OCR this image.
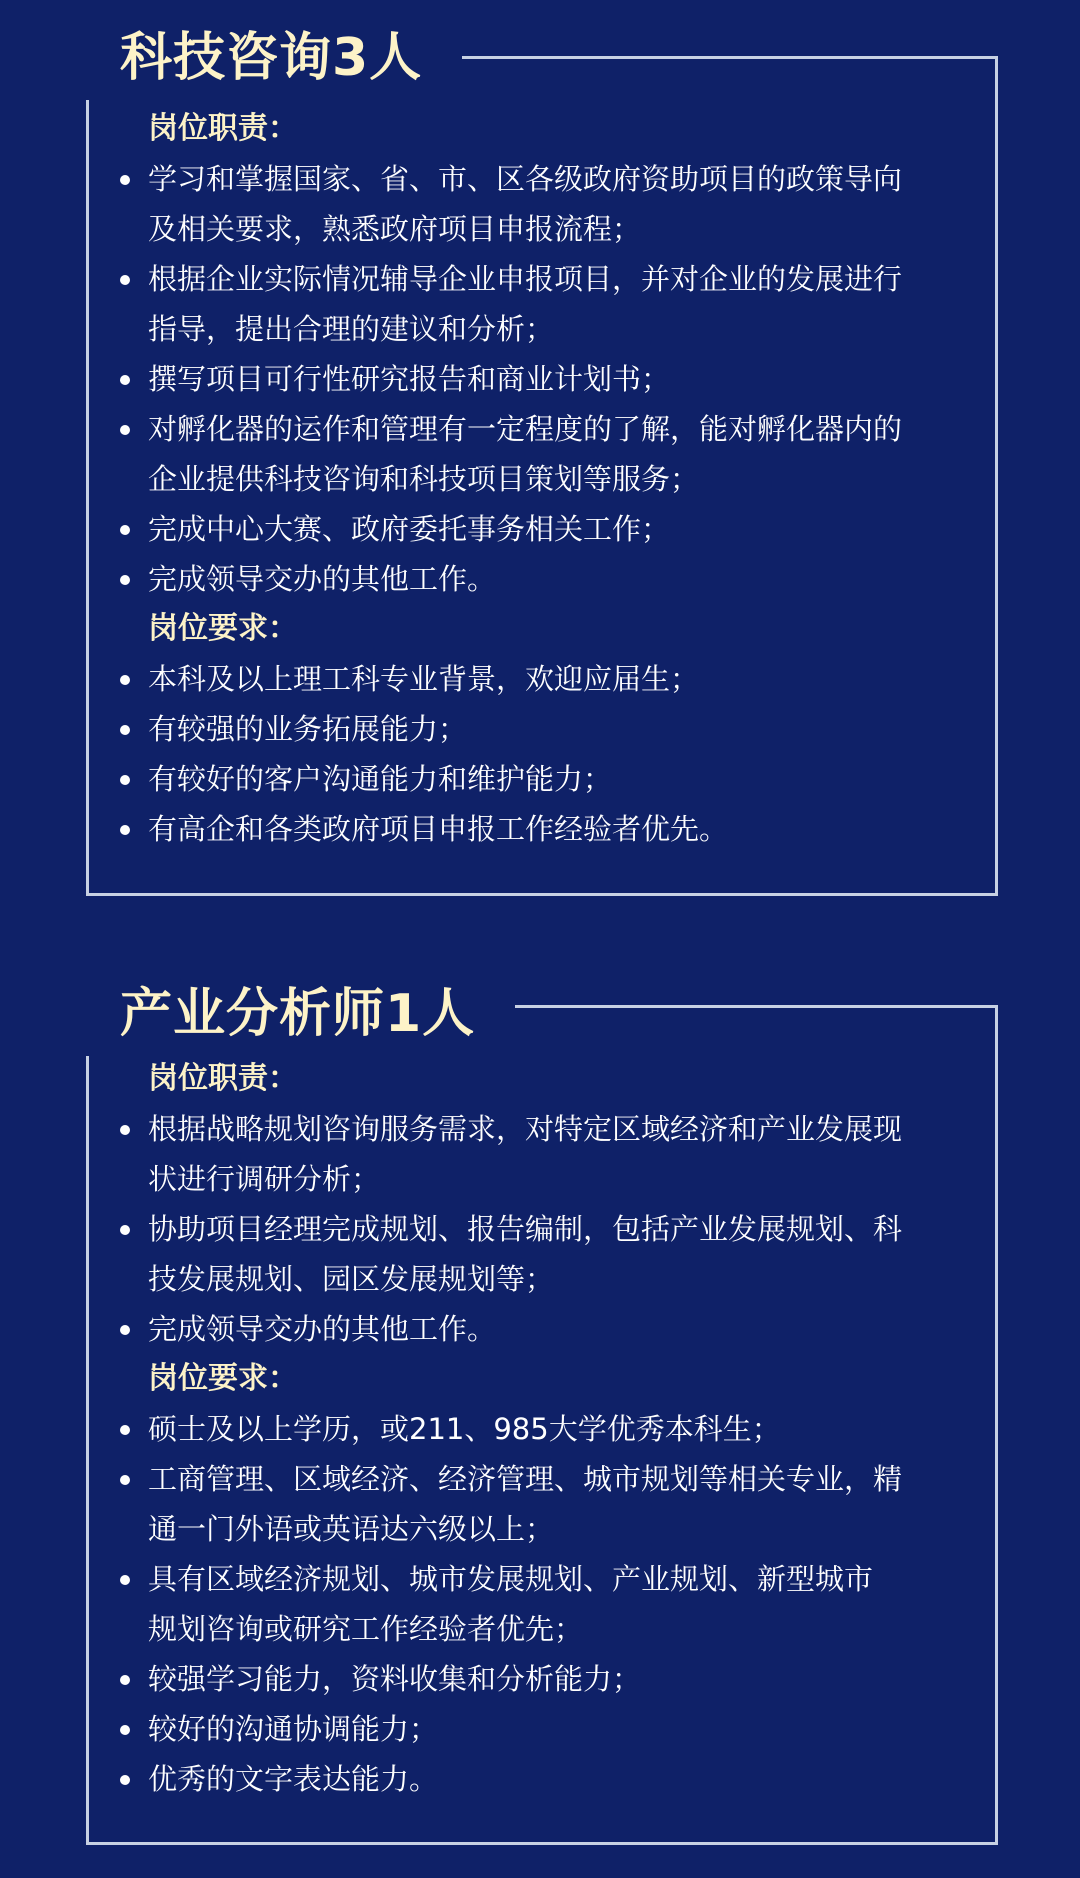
科技咨询3人
岗位职责：
学习和掌握国家、省、市、区各级政府资助项目的政策导向
及相关要求，熟悉政府项目申报流程；
根据企业实际情况辅导企业申报项目，并对企业的发展进行
指导，提出合理的建议和分析；
撰写项目可行性研究报告和商业计划书；
对孵化器的运作和管理有一定程度的了解，能对孵化器内的
企业提供科技咨询和科技项目策划等服务；
完成中心大赛、政府委托事务相关工作；
完成领导交办的其他工作。
岗位要求：
本科及以上理工科专业背景，欢迎应届生；
有较强的业务拓展能力；
有较好的客户沟通能力和维护能力；
有高企和各类政府项目申报工作经验者优先。
产业分析师1人
岗位职责：
根据战略规划咨询服务需求，对特定区域经济和产业发展现
状进行调研分析；
协助项目经理完成规划、报告编制，包括产业发展规划、科
技发展规划、园区发展规划等；
完成领导交办的其他工作。
岗位要求：
硕士及以上学历，或211、985大学优秀本科生；
工商管理、区域经济、经济管理、城市规划等相关专业，精
通一门外语或英语达六级以上；
具有区域经济规划、城市发展规划、产业规划、新型城市
规划咨询或研究工作经验者优先；
较强学习能力，资料收集和分析能力；
较好的沟通协调能力；
优秀的文字表达能力。
